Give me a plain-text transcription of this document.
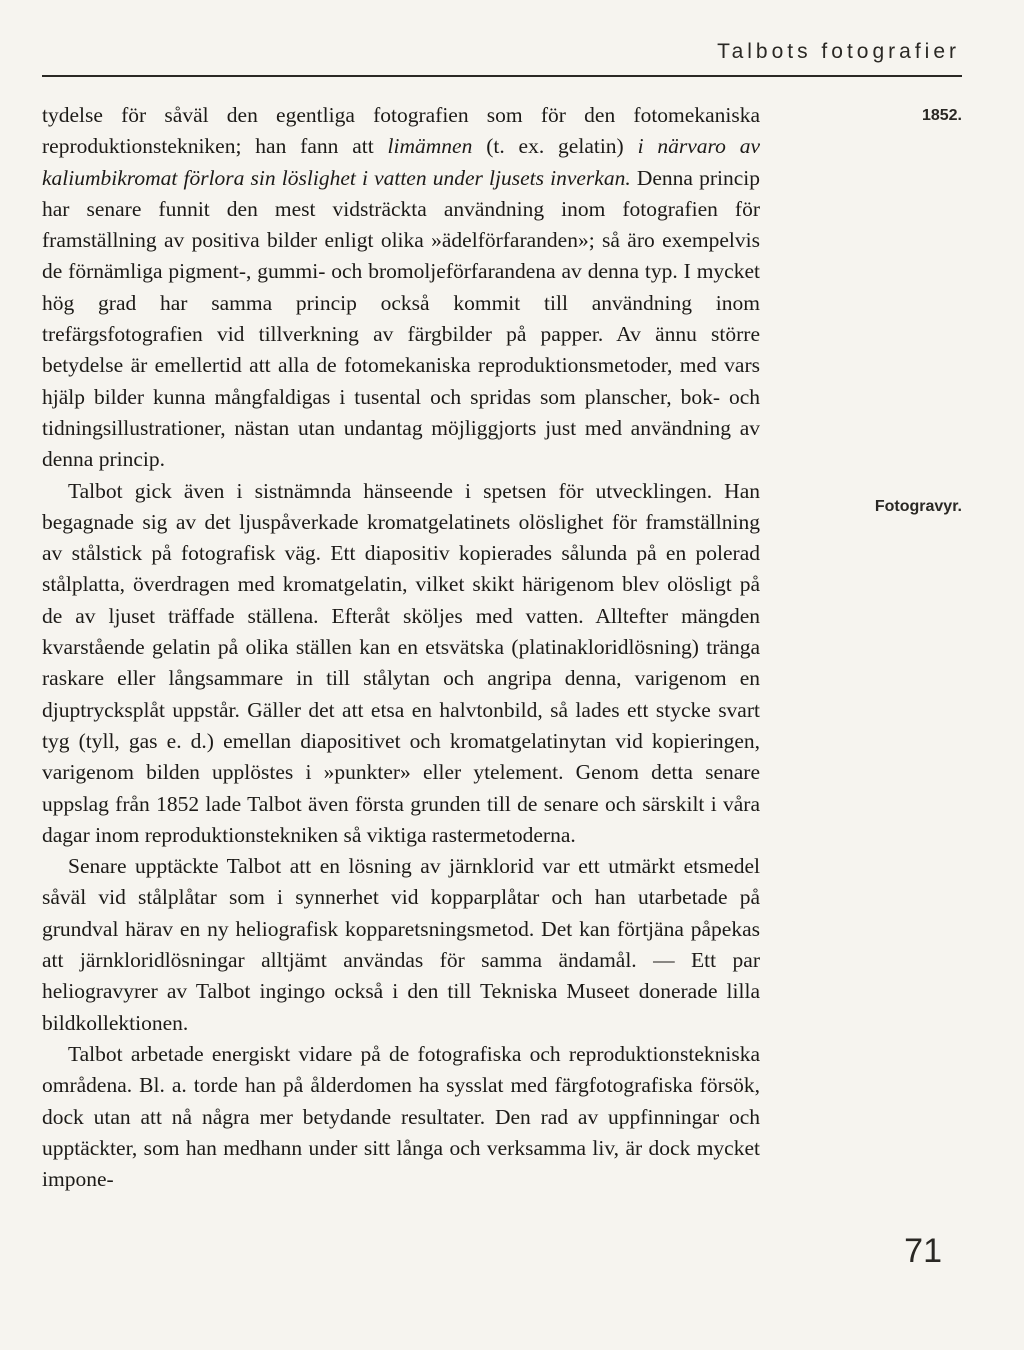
Talbots fotografier
1852.
Fotogravyr.

tydelse för såväl den egentliga fotografien som för den fotomekaniska reproduktionstekniken; han fann att limämnen (t. ex. gelatin) i närvaro av kaliumbikromat förlora sin löslighet i vatten under ljusets inverkan. Denna princip har senare funnit den mest vidsträckta användning inom fotografien för framställning av positiva bilder enligt olika »ädelförfaranden»; så äro exempelvis de förnämliga pigment-, gummi- och bromoljeförfarandena av denna typ. I mycket hög grad har samma princip också kommit till användning inom trefärgsfotografien vid tillverkning av färgbilder på papper. Av ännu större betydelse är emellertid att alla de fotomekaniska reproduktionsmetoder, med vars hjälp bilder kunna mångfaldigas i tusental och spridas som planscher, bok- och tidningsillustrationer, nästan utan undantag möjliggjorts just med användning av denna princip.

Talbot gick även i sistnämnda hänseende i spetsen för utvecklingen. Han begagnade sig av det ljuspåverkade kromatgelatinets olöslighet för framställning av stålstick på fotografisk väg. Ett diapositiv kopierades sålunda på en polerad stålplatta, överdragen med kromatgelatin, vilket skikt härigenom blev olösligt på de av ljuset träffade ställena. Efteråt sköljes med vatten. Alltefter mängden kvarstående gelatin på olika ställen kan en etsvätska (platinakloridlösning) tränga raskare eller långsammare in till stålytan och angripa denna, varigenom en djuptrycksplåt uppstår. Gäller det att etsa en halvtonbild, så lades ett stycke svart tyg (tyll, gas e. d.) emellan diapositivet och kromatgelatinytan vid kopieringen, varigenom bilden upplöstes i »punkter» eller ytelement. Genom detta senare uppslag från 1852 lade Talbot även första grunden till de senare och särskilt i våra dagar inom reproduktionstekniken så viktiga rastermetoderna.

Senare upptäckte Talbot att en lösning av järnklorid var ett utmärkt etsmedel såväl vid stålplåtar som i synnerhet vid kopparplåtar och han utarbetade på grundval härav en ny heliografisk kopparetsningsmetod. Det kan förtjäna påpekas att järnkloridlösningar alltjämt användas för samma ändamål. — Ett par heliogravyrer av Talbot ingingo också i den till Tekniska Museet donerade lilla bildkollektionen.

Talbot arbetade energiskt vidare på de fotografiska och reproduktionstekniska områdena. Bl. a. torde han på ålderdomen ha sysslat med färgfotografiska försök, dock utan att nå några mer betydande resultater. Den rad av uppfinningar och upptäckter, som han medhann under sitt långa och verksamma liv, är dock mycket impone-

71
